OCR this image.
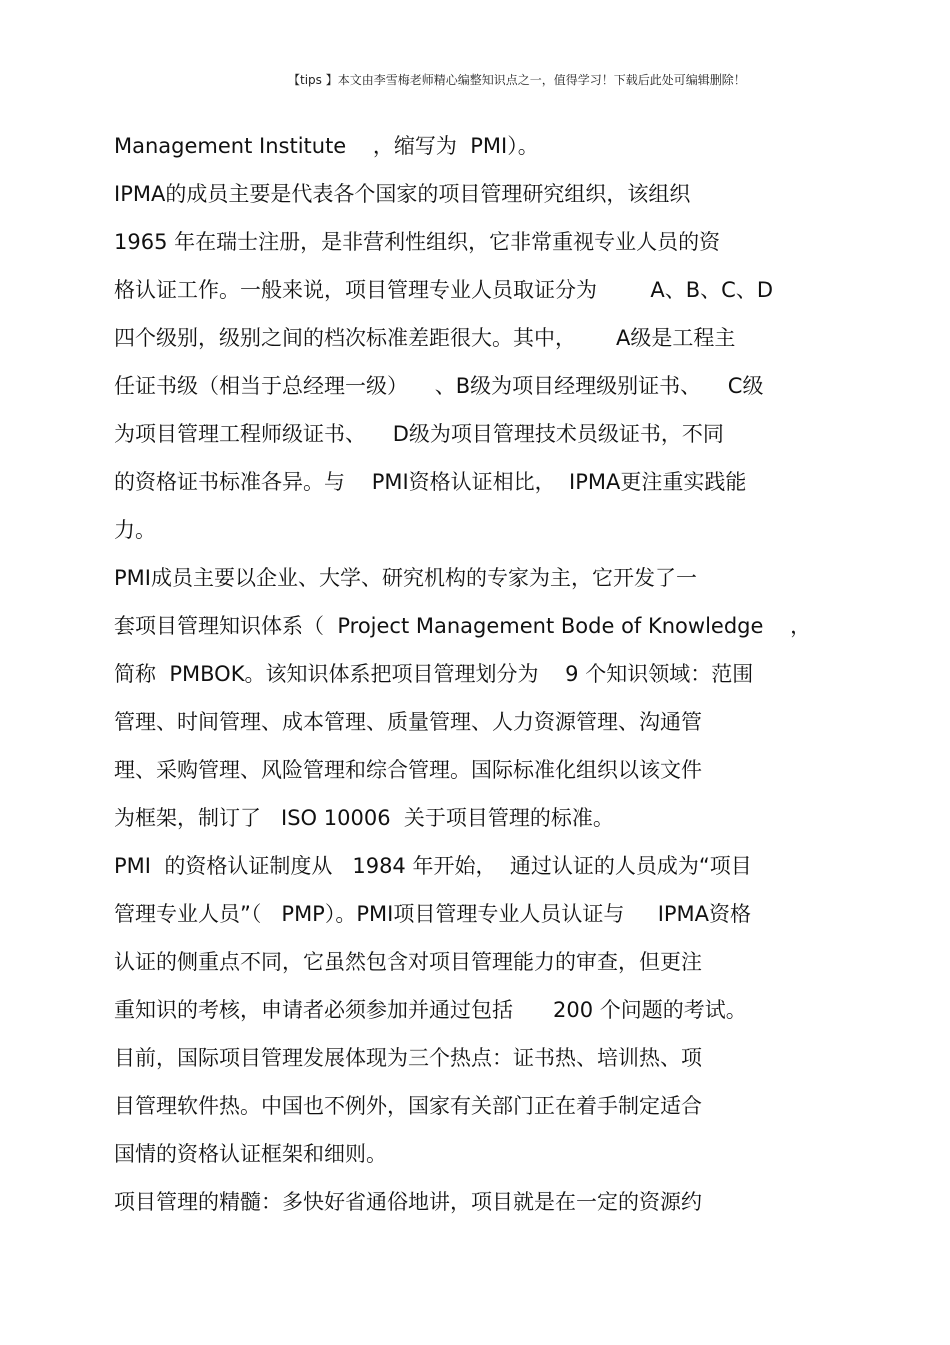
【tips 】本文由李雪梅老师精心编整知识点之一，值得学习！下载后此处可编辑删除！
Management Institute    ，缩写为  PMI）。
IPMA的成员主要是代表各个国家的项目管理研究组织，该组织
1965 年在瑞士注册，是非营利性组织，它非常重视专业人员的资
格认证工作。一般来说，项目管理专业人员取证分为        A、B、C、D
四个级别，级别之间的档次标准差距很大。其中，      A级是工程主
任证书级（相当于总经理一级）    、B级为项目经理级别证书、    C级
为项目管理工程师级证书、    D级为项目管理技术员级证书，不同
的资格证书标准各异。与    PMI资格认证相比，  IPMA更注重实践能
力。
PMI成员主要以企业、大学、研究机构的专家为主，它开发了一
套项目管理知识体系（  Project Management Bode of Knowledge    ，
简称  PMBOK。该知识体系把项目管理划分为    9 个知识领域：范围
管理、时间管理、成本管理、质量管理、人力资源管理、沟通管
理、采购管理、风险管理和综合管理。国际标准化组织以该文件
为框架，制订了   ISO 10006  关于项目管理的标准。
PMI  的资格认证制度从   1984 年开始，  通过认证的人员成为“项目
管理专业人员”（   PMP）。PMI项目管理专业人员认证与     IPMA资格
认证的侧重点不同，它虽然包含对项目管理能力的审查，但更注
重知识的考核，申请者必须参加并通过包括      200 个问题的考试。
目前，国际项目管理发展体现为三个热点：证书热、培训热、项
目管理软件热。中国也不例外，国家有关部门正在着手制定适合
国情的资格认证框架和细则。
项目管理的精髓：多快好省通俗地讲，项目就是在一定的资源约
